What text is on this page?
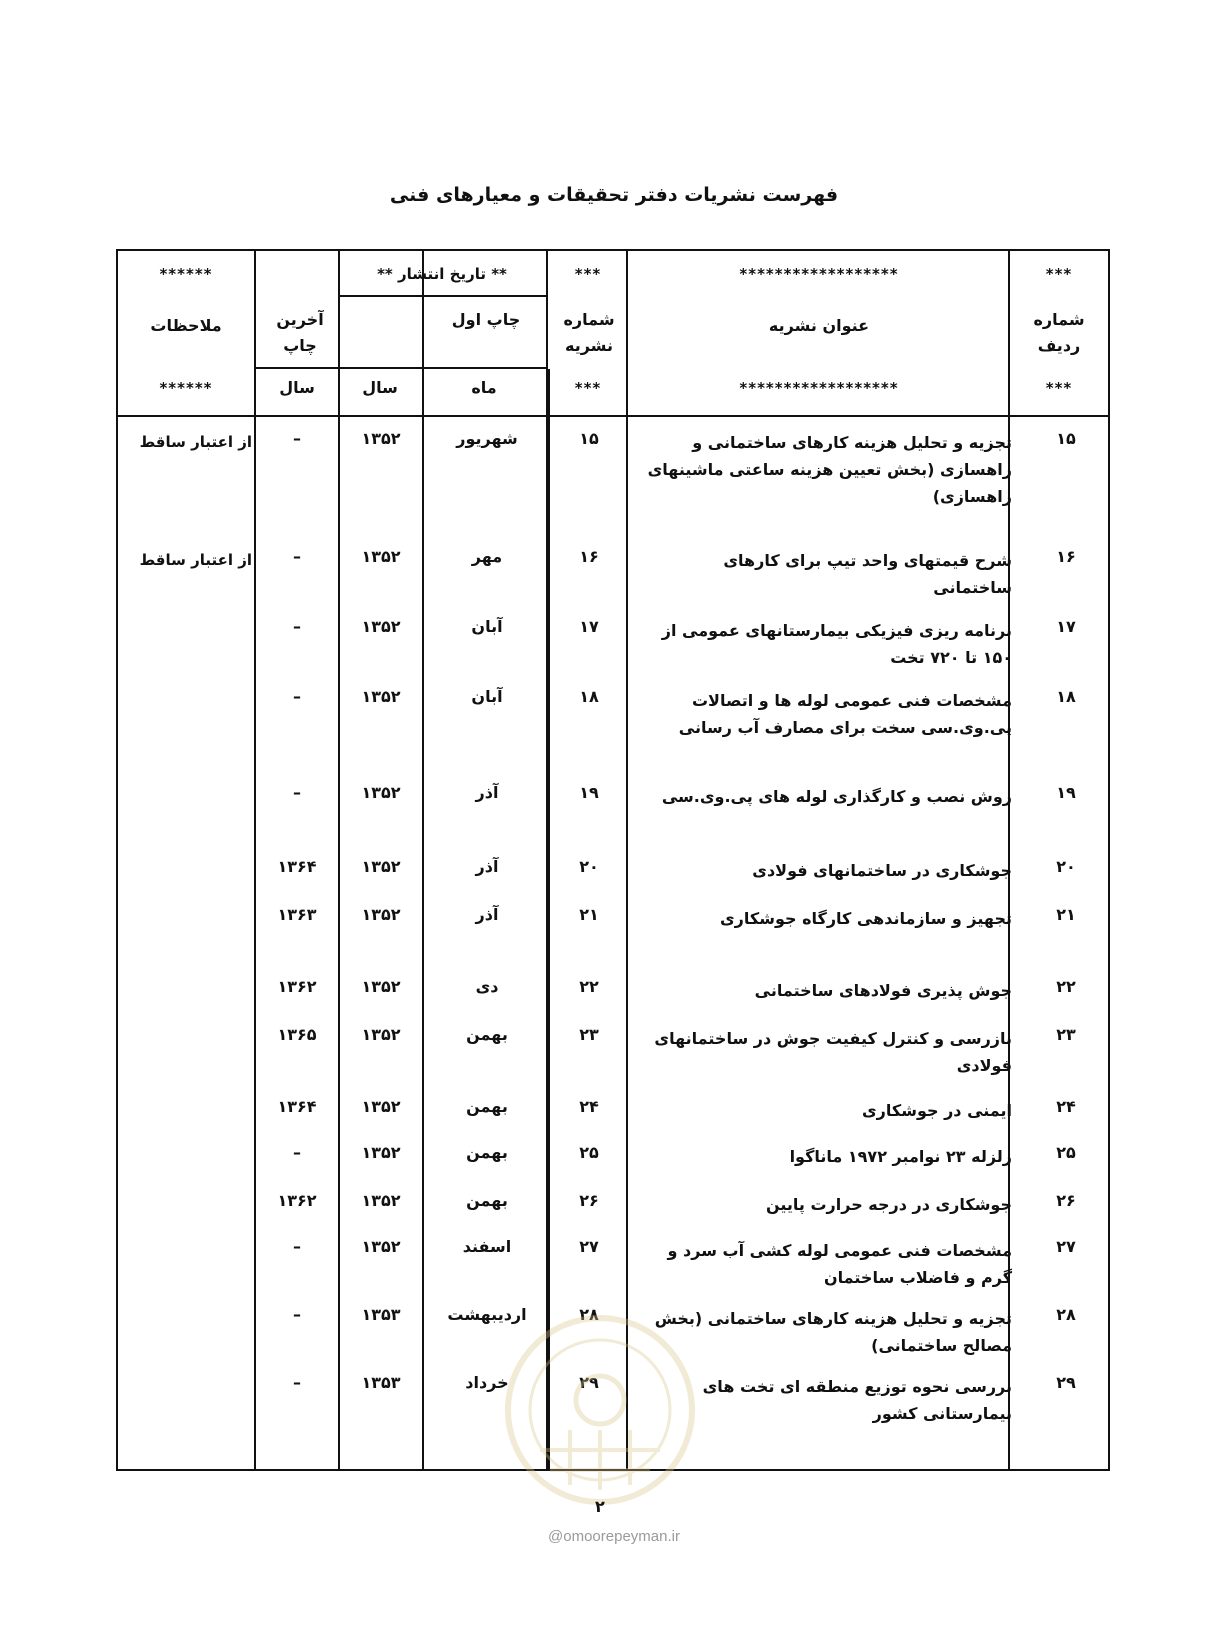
فهرست نشریات دفتر تحقیقات و معیارهای فنی
***
******************
***
** تاریخ انتشار **
******
شماره ردیف
عنوان نشریه
شماره نشریه
چاپ اول
آخرین چاپ
ملاحظات
***
******************
***
ماه
سال
سال
******
۱۵
تجزیه و تحلیل هزینه کارهای ساختمانی و راهسازی (بخش تعیین هزینه ساعتی ماشینهای راهسازی)
۱۵
شهریور
۱۳۵۲
–
از اعتبار ساقط
۱۶
شرح قیمتهای واحد تیپ برای کارهای ساختمانی
۱۶
مهر
۱۳۵۲
–
از اعتبار ساقط
۱۷
برنامه ریزی فیزیکی بیمارستانهای عمومی از ۱۵۰ تا ۷۲۰ تخت
۱۷
آبان
۱۳۵۲
–
۱۸
مشخصات فنی عمومی لوله ها و اتصالات پی.وی.سی سخت برای مصارف آب رسانی
۱۸
آبان
۱۳۵۲
–
۱۹
روش نصب و کارگذاری لوله های پی.وی.سی
۱۹
آذر
۱۳۵۲
–
۲۰
جوشکاری در ساختمانهای فولادی
۲۰
آذر
۱۳۵۲
۱۳۶۴
۲۱
تجهیز و سازماندهی کارگاه جوشکاری
۲۱
آذر
۱۳۵۲
۱۳۶۳
۲۲
جوش پذیری فولادهای ساختمانی
۲۲
دی
۱۳۵۲
۱۳۶۲
۲۳
بازرسی و کنترل کیفیت جوش در ساختمانهای فولادی
۲۳
بهمن
۱۳۵۲
۱۳۶۵
۲۴
ایمنی در جوشکاری
۲۴
بهمن
۱۳۵۲
۱۳۶۴
۲۵
زلزله ۲۳ نوامبر ۱۹۷۲ ماناگوا
۲۵
بهمن
۱۳۵۲
–
۲۶
جوشکاری در درجه حرارت پایین
۲۶
بهمن
۱۳۵۲
۱۳۶۲
۲۷
مشخصات فنی عمومی لوله کشی آب سرد و گرم و فاضلاب ساختمان
۲۷
اسفند
۱۳۵۲
–
۲۸
تجزیه و تحلیل هزینه کارهای ساختمانی (بخش مصالح ساختمانی)
۲۸
اردیبهشت
۱۳۵۳
–
۲۹
بررسی نحوه توزیع منطقه ای تخت های بیمارستانی کشور
۲۹
خرداد
۱۳۵۳
–
۲
@omoorepeyman.ir
